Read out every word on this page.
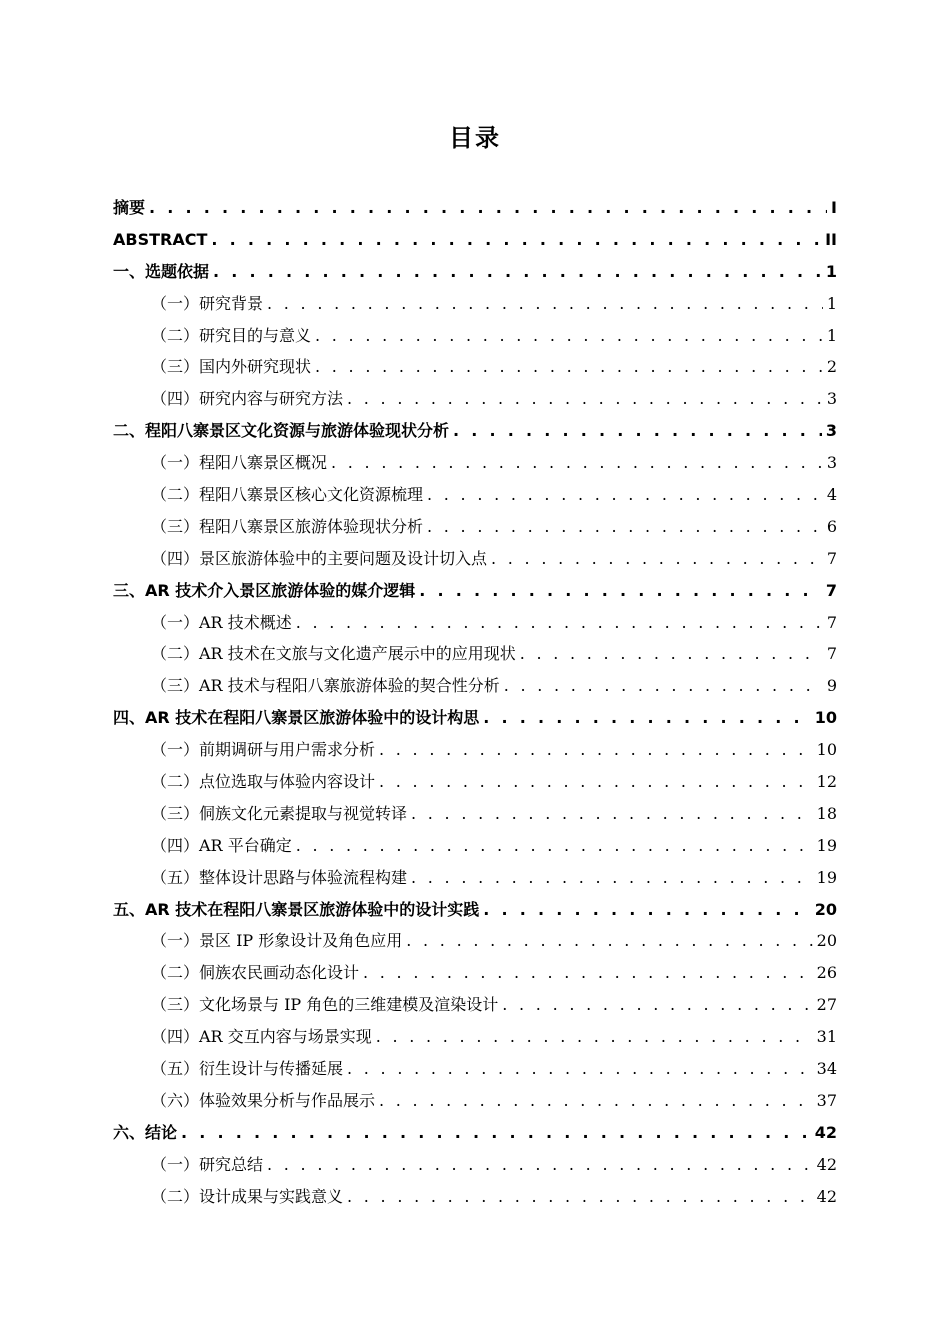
目录
摘要 . . .	I
ABSTRACT . . .	II
一、选题依据 . . .	1
（一）研究背景 . . .	1
（二）研究目的与意义 . . .	1
（三）国内外研究现状 . . .	2
（四）研究内容与研究方法 . . .	3
二、程阳八寨景区文化资源与旅游体验现状分析 . . .	3
（一）程阳八寨景区概况 . . .	3
（二）程阳八寨景区核心文化资源梳理 . . .	4
（三）程阳八寨景区旅游体验现状分析 . . .	6
（四）景区旅游体验中的主要问题及设计切入点 . . .	7
三、AR 技术介入景区旅游体验的媒介逻辑 . . .	7
（一）AR 技术概述 . . .	7
（二）AR 技术在文旅与文化遗产展示中的应用现状 . . .	7
（三）AR 技术与程阳八寨旅游体验的契合性分析 . . .	9
四、AR 技术在程阳八寨景区旅游体验中的设计构思 . . .	10
（一）前期调研与用户需求分析 . . .	10
（二）点位选取与体验内容设计 . . .	12
（三）侗族文化元素提取与视觉转译 . . .	18
（四）AR 平台确定 . . .	19
（五）整体设计思路与体验流程构建 . . .	19
五、AR 技术在程阳八寨景区旅游体验中的设计实践 . . .	20
（一）景区 IP 形象设计及角色应用 . . .	20
（二）侗族农民画动态化设计 . . .	26
（三）文化场景与 IP 角色的三维建模及渲染设计 . . .	27
（四）AR 交互内容与场景实现 . . .	31
（五）衍生设计与传播延展 . . .	34
（六）体验效果分析与作品展示 . . .	37
六、结论 . . .	42
（一）研究总结 . . .	42
（二）设计成果与实践意义 . . .	42
